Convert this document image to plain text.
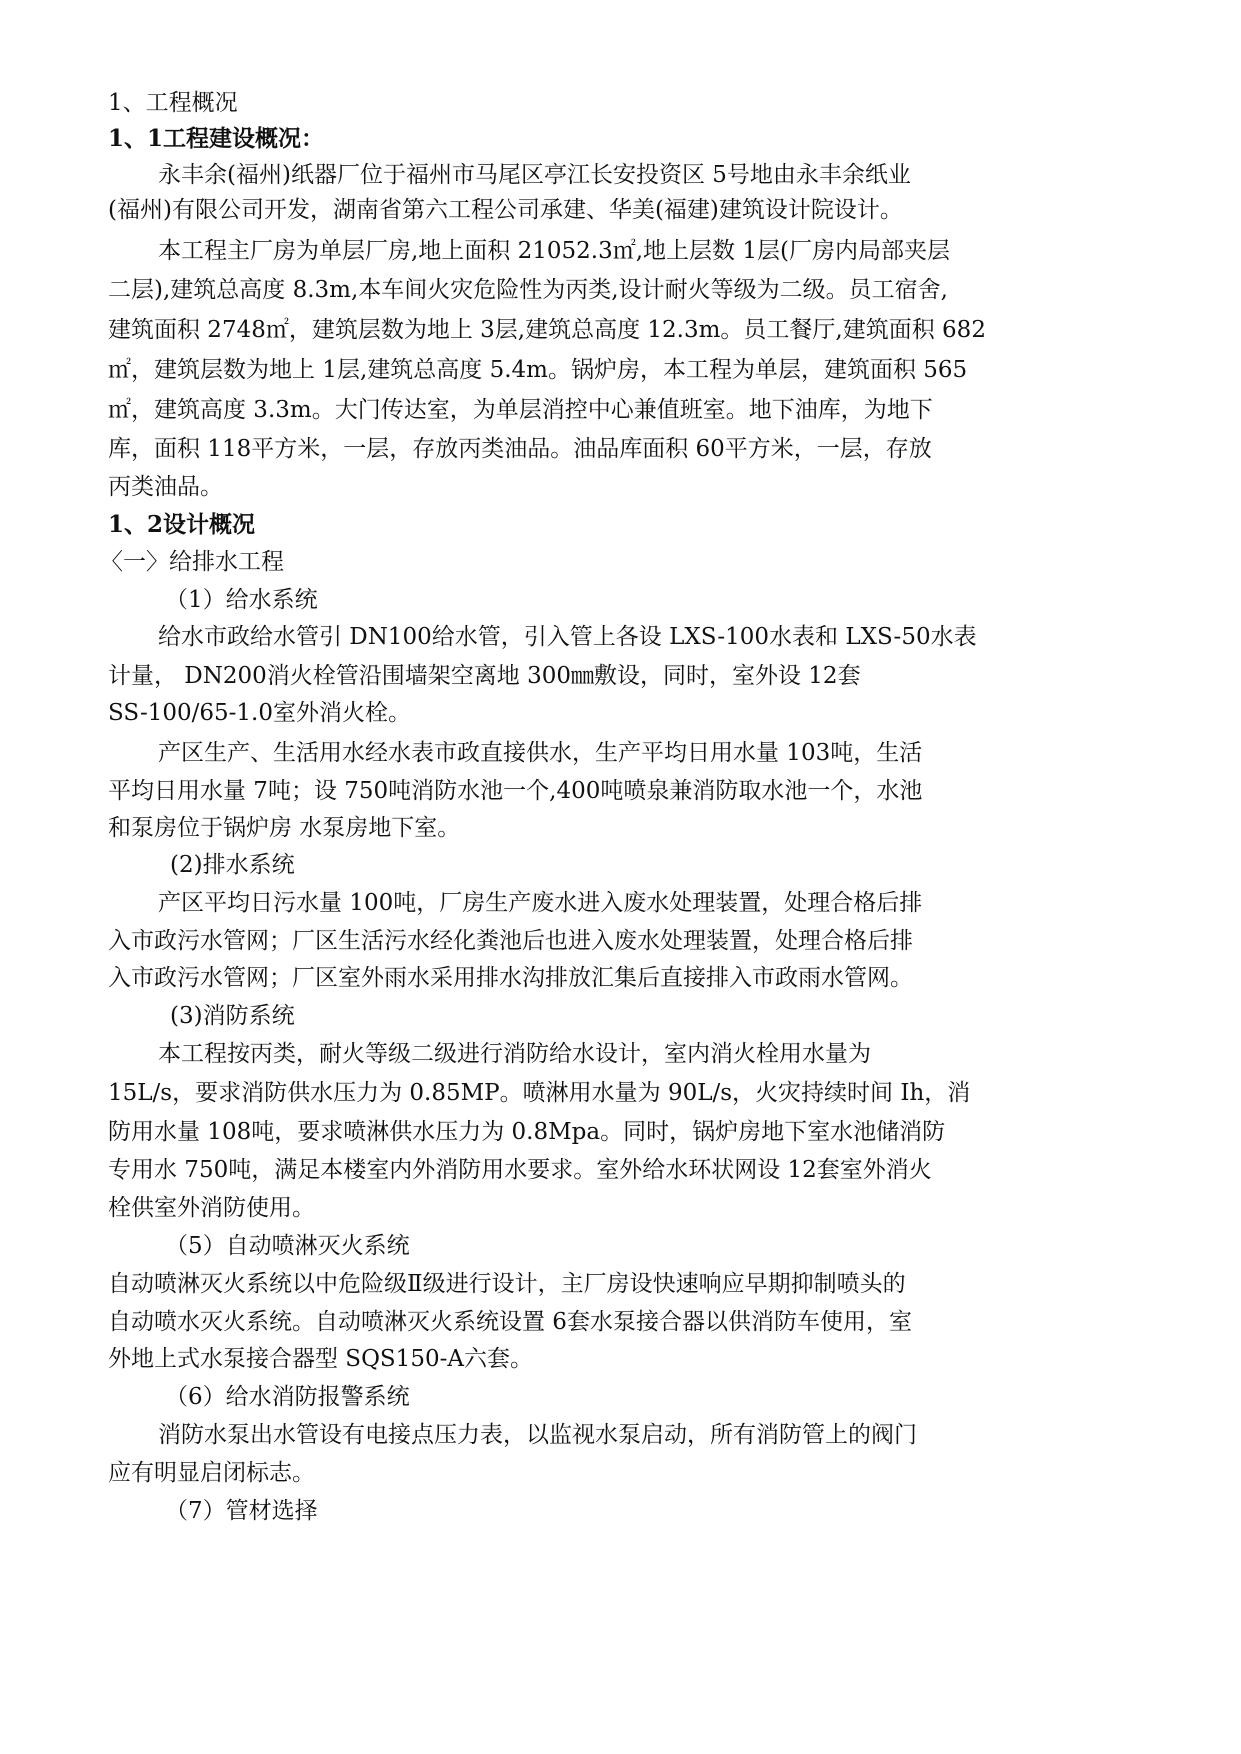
1、工程概况
1、1工程建设概况：
永丰余(福州)纸器厂位于福州市马尾区亭江长安投资区 5号地由永丰余纸业
(福州)有限公司开发，湖南省第六工程公司承建、华美(福建)建筑设计院设计。
本工程主厂房为单层厂房,地上面积 21052.3㎡,地上层数 1层(厂房内局部夹层
二层),建筑总高度 8.3m,本车间火灾危险性为丙类,设计耐火等级为二级。员工宿舍,
建筑面积 2748㎡，建筑层数为地上 3层,建筑总高度 12.3m。员工餐厅,建筑面积 682
㎡，建筑层数为地上 1层,建筑总高度 5.4m。锅炉房，本工程为单层，建筑面积 565
㎡，建筑高度 3.3m。大门传达室，为单层消控中心兼值班室。地下油库，为地下
库，面积 118平方米，一层，存放丙类油品。油品库面积 60平方米，一层，存放
丙类油品。
1、2设计概况
〈一〉给排水工程
（1）给水系统
给水市政给水管引 DN100给水管，引入管上各设 LXS-100水表和 LXS-50水表
计量， DN200消火栓管沿围墙架空离地 300㎜敷设，同时，室外设 12套
SS-100/65-1.0室外消火栓。
产区生产、生活用水经水表市政直接供水，生产平均日用水量 103吨，生活
平均日用水量 7吨；设 750吨消防水池一个,400吨喷泉兼消防取水池一个，水池
和泵房位于锅炉房 水泵房地下室。
(2)排水系统
产区平均日污水量 100吨，厂房生产废水进入废水处理装置，处理合格后排
入市政污水管网；厂区生活污水经化粪池后也进入废水处理装置，处理合格后排
入市政污水管网；厂区室外雨水采用排水沟排放汇集后直接排入市政雨水管网。
(3)消防系统
本工程按丙类，耐火等级二级进行消防给水设计，室内消火栓用水量为
15L/s，要求消防供水压力为 0.85MP。喷淋用水量为 90L/s，火灾持续时间 Ih，消
防用水量 108吨，要求喷淋供水压力为 0.8Mpa。同时，锅炉房地下室水池储消防
专用水 750吨，满足本楼室内外消防用水要求。室外给水环状网设 12套室外消火
栓供室外消防使用。
（5）自动喷淋灭火系统
自动喷淋灭火系统以中危险级Ⅱ级进行设计，主厂房设快速响应早期抑制喷头的
自动喷水灭火系统。自动喷淋灭火系统设置 6套水泵接合器以供消防车使用，室
外地上式水泵接合器型 SQS150-A六套。
（6）给水消防报警系统
消防水泵出水管设有电接点压力表，以监视水泵启动，所有消防管上的阀门
应有明显启闭标志。
（7）管材选择
